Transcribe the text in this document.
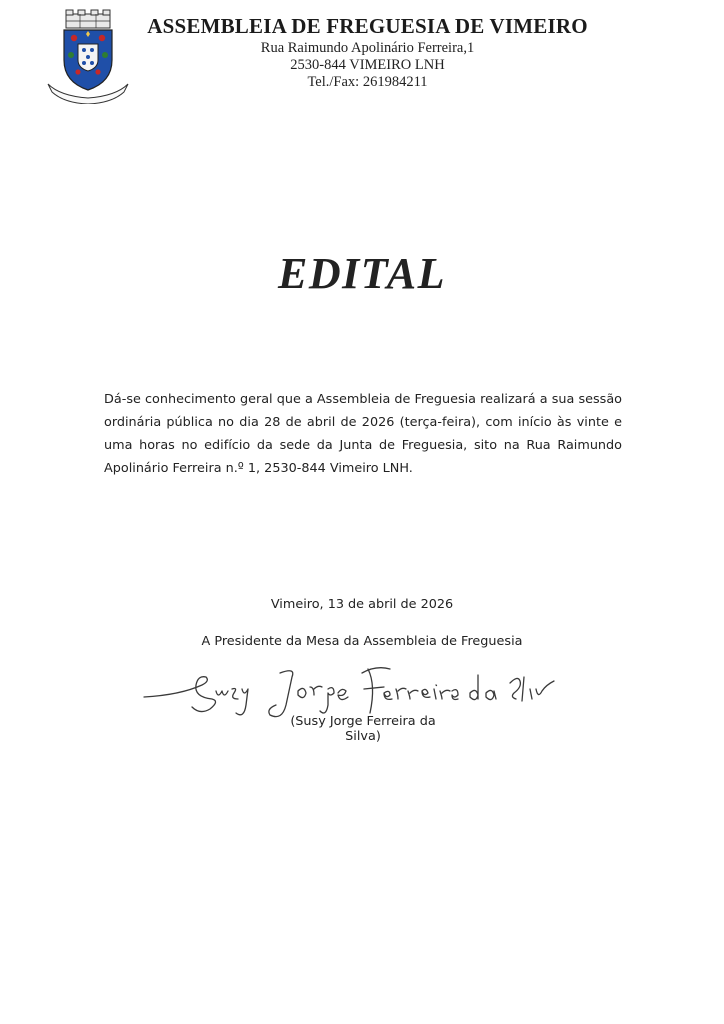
ASSEMBLEIA DE FREGUESIA DE VIMEIRO
Rua Raimundo Apolinário Ferreira,1
2530-844 VIMEIRO LNH
Tel./Fax: 261984211
EDITAL

Dá-se conhecimento geral que a Assembleia de Freguesia realizará a sua sessão ordinária pública no dia 28 de abril de 2026 (terça-feira), com início às vinte e uma horas no edifício da sede da Junta de Freguesia, sito na Rua Raimundo Apolinário Ferreira n.º 1, 2530-844 Vimeiro LNH.

Vimeiro, 13 de abril de 2026
A Presidente da Mesa da Assembleia de Freguesia
(Susy Jorge Ferreira da Silva)
